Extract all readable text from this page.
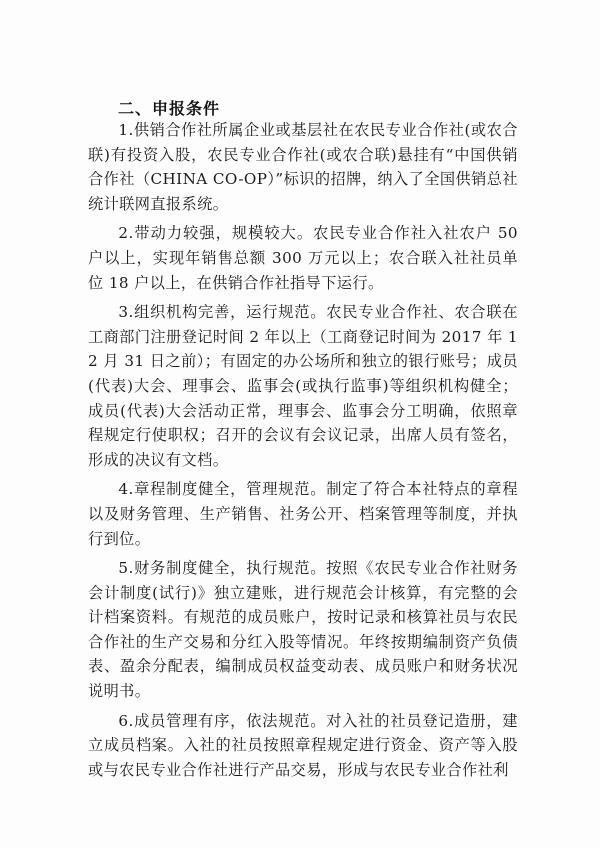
二、申报条件

1.供销合作社所属企业或基层社在农民专业合作社(或农合联)有投资入股，农民专业合作社(或农合联)悬挂有“中国供销合作社（CHINA CO-OP）”标识的招牌，纳入了全国供销总社统计联网直报系统。

2.带动力较强，规模较大。农民专业合作社入社农户 50 户以上，实现年销售总额 300 万元以上；农合联入社社员单位 18 户以上，在供销合作社指导下运行。

3.组织机构完善，运行规范。农民专业合作社、农合联在工商部门注册登记时间 2 年以上（工商登记时间为 2017 年 12 月 31 日之前）；有固定的办公场所和独立的银行账号；成员(代表)大会、理事会、监事会(或执行监事)等组织机构健全；成员(代表)大会活动正常，理事会、监事会分工明确，依照章程规定行使职权；召开的会议有会议记录，出席人员有签名，形成的决议有文档。

4.章程制度健全，管理规范。制定了符合本社特点的章程以及财务管理、生产销售、社务公开、档案管理等制度，并执行到位。

5.财务制度健全，执行规范。按照《农民专业合作社财务会计制度(试行)》独立建账，进行规范会计核算，有完整的会计档案资料。有规范的成员账户，按时记录和核算社员与农民合作社的生产交易和分红入股等情况。年终按期编制资产负债表、盈余分配表，编制成员权益变动表、成员账户和财务状况说明书。

6.成员管理有序，依法规范。对入社的社员登记造册，建立成员档案。入社的社员按照章程规定进行资金、资产等入股或与农民专业合作社进行产品交易，形成与农民专业合作社利
